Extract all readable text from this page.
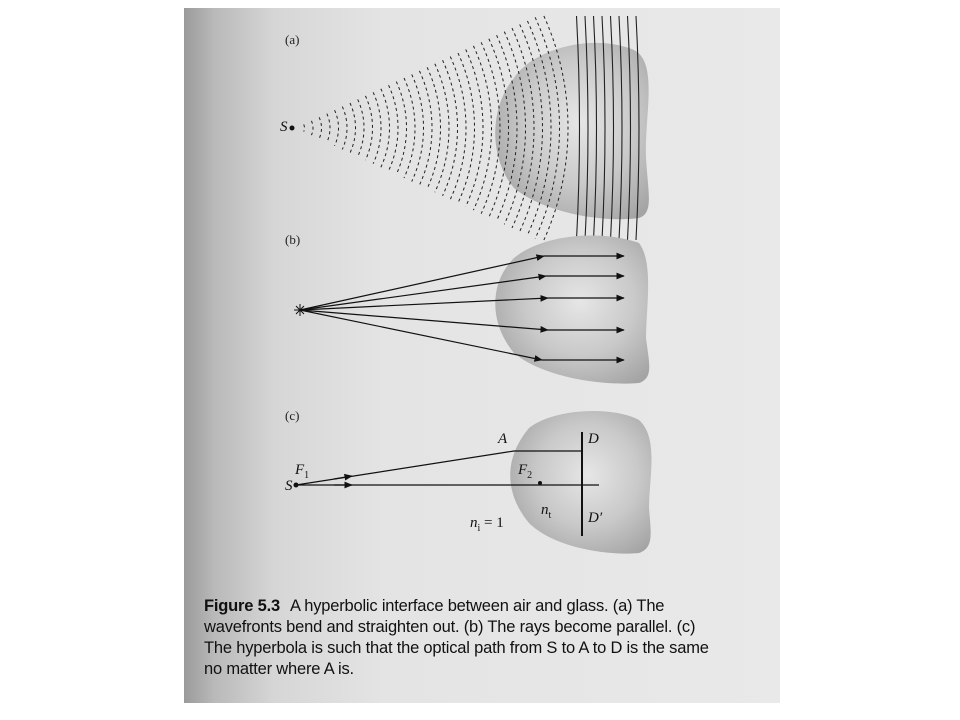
(a)
S
(b)
(c)
A	D
D′
$F_1$	$F_2$
S
$n_i = 1$
$n_t$
Figure 5.3 A hyperbolic interface between air and glass. (a) The
wavefronts bend and straighten out. (b) The rays become parallel. (c)
The hyperbola is such that the optical path from S to A to D is the same
no matter where A is.
